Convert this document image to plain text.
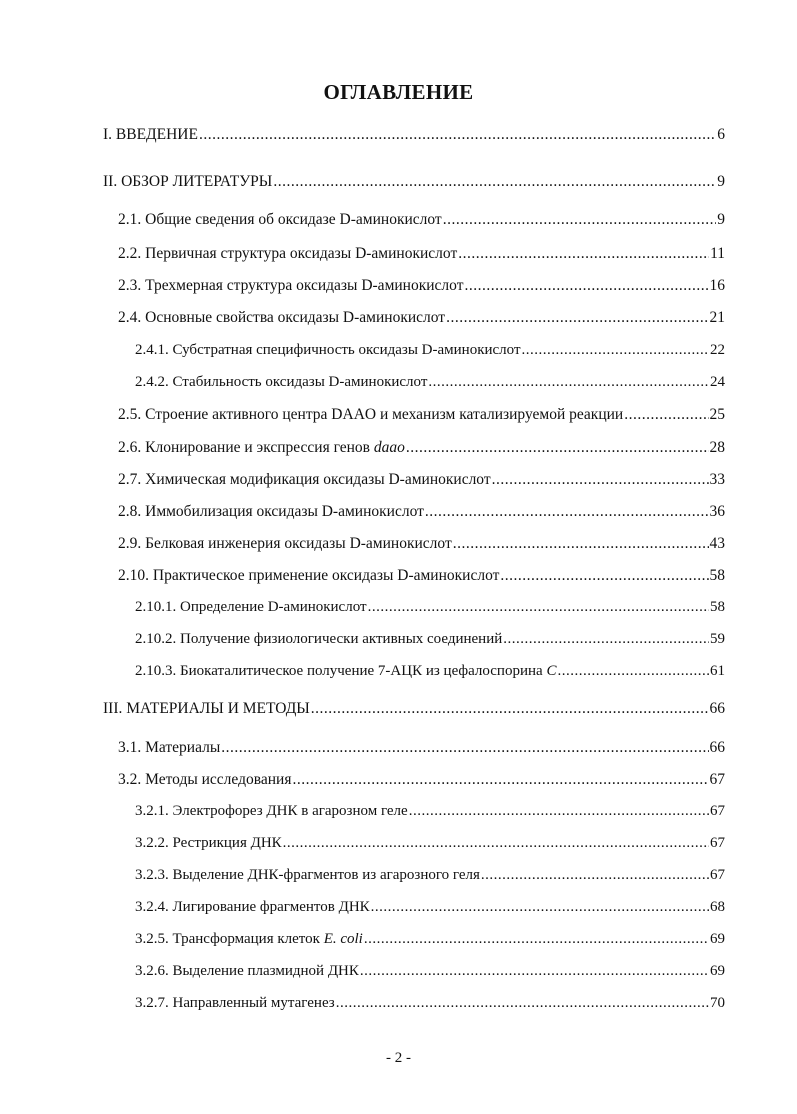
ОГЛАВЛЕНИЕ
I. ВВЕДЕНИЕ .....	6
II. ОБЗОР ЛИТЕРАТУРЫ .....	9
2.1. Общие сведения об оксидазе D-аминокислот .....	9
2.2. Первичная структура оксидазы D-аминокислот .....	11
2.3. Трехмерная структура оксидазы D-аминокислот .....	16
2.4. Основные свойства оксидазы D-аминокислот .....	21
2.4.1. Субстратная специфичность оксидазы D-аминокислот .....	22
2.4.2. Стабильность оксидазы D-аминокислот .....	24
2.5. Строение активного центра DAAO и механизм катализируемой реакции .....	25
2.6. Клонирование и экспрессия генов daao .....	28
2.7. Химическая модификация оксидазы D-аминокислот .....	33
2.8. Иммобилизация оксидазы D-аминокислот .....	36
2.9. Белковая инженерия оксидазы D-аминокислот .....	43
2.10. Практическое применение оксидазы D-аминокислот .....	58
2.10.1. Определение D-аминокислот .....	58
2.10.2. Получение физиологически активных соединений .....	59
2.10.3. Биокаталитическое получение 7-АЦК из цефалоспорина C .....	61
III. МАТЕРИАЛЫ И МЕТОДЫ .....	66
3.1. Материалы .....	66
3.2. Методы исследования .....	67
3.2.1. Электрофорез ДНК в агарозном геле .....	67
3.2.2. Рестрикция ДНК .....	67
3.2.3. Выделение ДНК-фрагментов из агарозного геля .....	67
3.2.4. Лигирование фрагментов ДНК .....	68
3.2.5. Трансформация клеток E. coli .....	69
3.2.6. Выделение плазмидной ДНК .....	69
3.2.7. Направленный мутагенез .....	70
- 2 -
